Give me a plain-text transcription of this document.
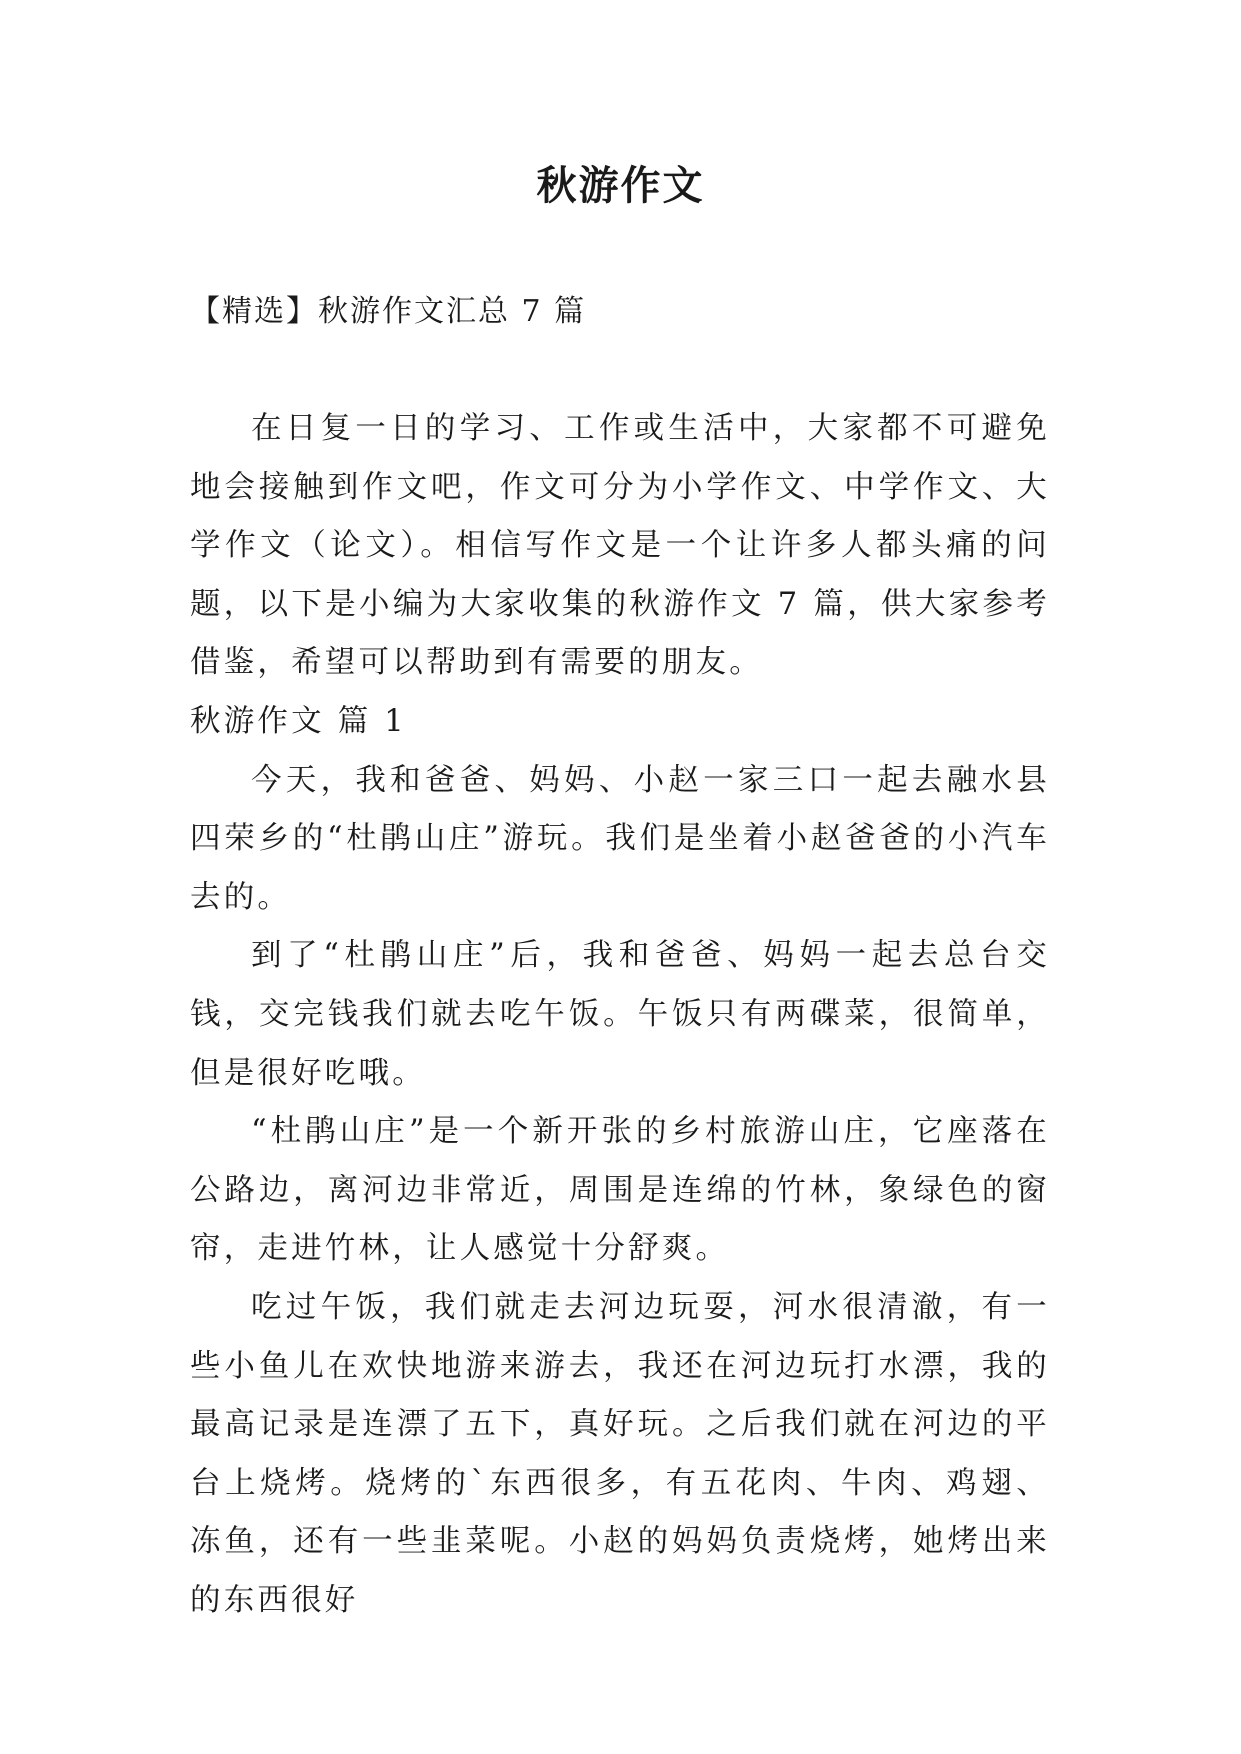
秋游作文
【精选】秋游作文汇总 7 篇

在日复一日的学习、工作或生活中，大家都不可避免地会接触到作文吧，作文可分为小学作文、中学作文、大学作文（论文）。相信写作文是一个让许多人都头痛的问题，以下是小编为大家收集的秋游作文 7 篇，供大家参考借鉴，希望可以帮助到有需要的朋友。

秋游作文 篇 1

今天，我和爸爸、妈妈、小赵一家三口一起去融水县四荣乡的“杜鹃山庄”游玩。我们是坐着小赵爸爸的小汽车去的。

到了“杜鹃山庄”后，我和爸爸、妈妈一起去总台交钱，交完钱我们就去吃午饭。午饭只有两碟菜，很简单，但是很好吃哦。

“杜鹃山庄”是一个新开张的乡村旅游山庄，它座落在公路边，离河边非常近，周围是连绵的竹林，象绿色的窗帘，走进竹林，让人感觉十分舒爽。

吃过午饭，我们就走去河边玩耍，河水很清澈，有一些小鱼儿在欢快地游来游去，我还在河边玩打水漂，我的最高记录是连漂了五下，真好玩。之后我们就在河边的平台上烧烤。烧烤的`东西很多，有五花肉、牛肉、鸡翅、冻鱼，还有一些韭菜呢。小赵的妈妈负责烧烤，她烤出来的东西很好
